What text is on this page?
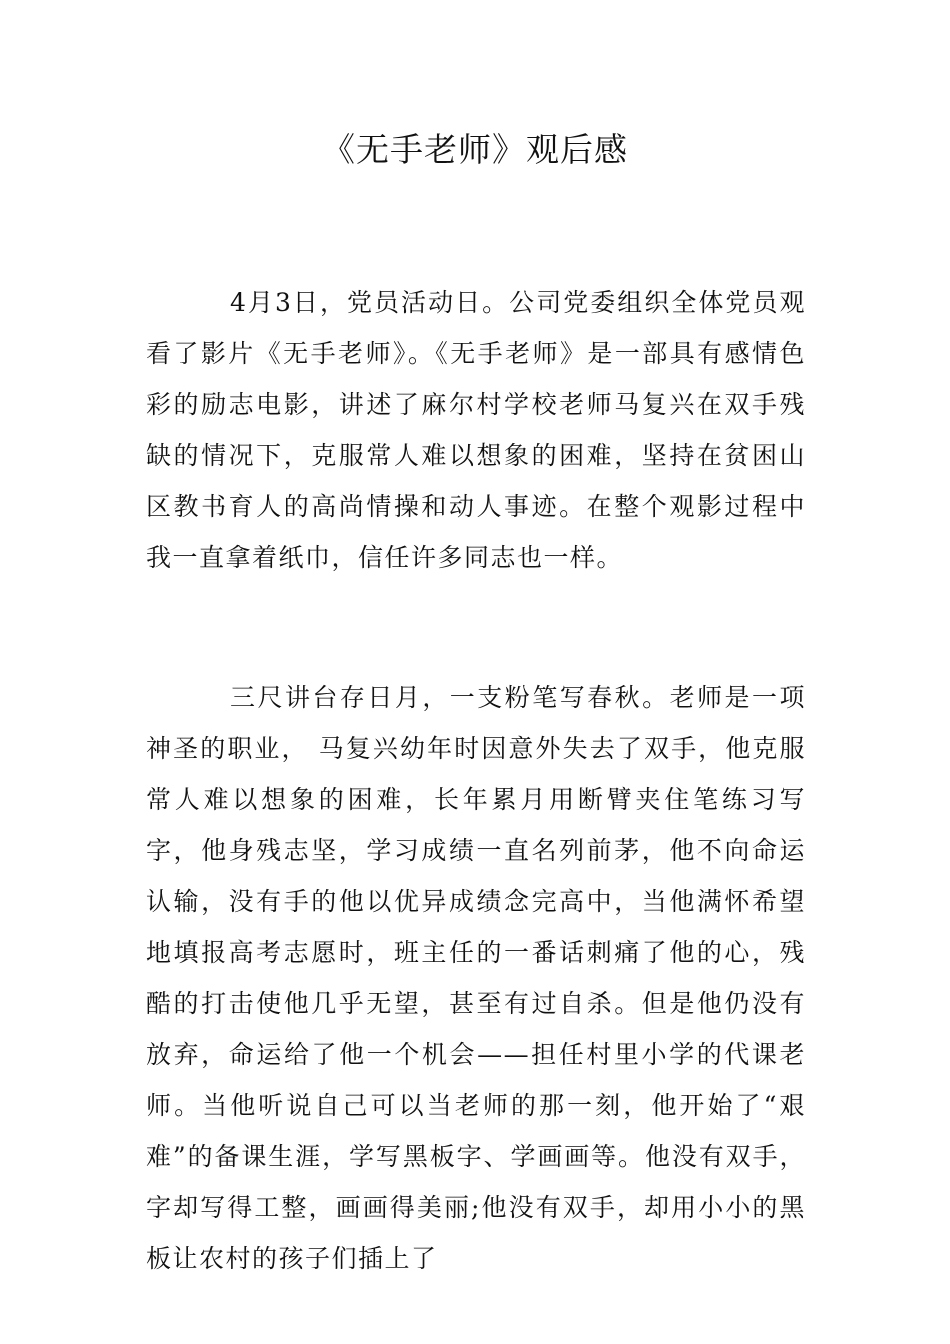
《无手老师》观后感

4月3日，党员活动日。公司党委组织全体党员观看了影片《无手老师》。《无手老师》是一部具有感情色彩的励志电影，讲述了麻尔村学校老师马复兴在双手残缺的情况下，克服常人难以想象的困难，坚持在贫困山区教书育人的高尚情操和动人事迹。在整个观影过程中我一直拿着纸巾，信任许多同志也一样。

三尺讲台存日月，一支粉笔写春秋。老师是一项神圣的职业， 马复兴幼年时因意外失去了双手，他克服常人难以想象的困难，长年累月用断臂夹住笔练习写字，他身残志坚，学习成绩一直名列前茅，他不向命运认输，没有手的他以优异成绩念完高中，当他满怀希望地填报高考志愿时，班主任的一番话刺痛了他的心，残酷的打击使他几乎无望，甚至有过自杀。但是他仍没有放弃，命运给了他一个机会——担任村里小学的代课老师。当他听说自己可以当老师的那一刻，他开始了“艰难”的备课生涯，学写黑板字、学画画等。他没有双手，字却写得工整，画画得美丽;他没有双手，却用小小的黑板让农村的孩子们插上了
